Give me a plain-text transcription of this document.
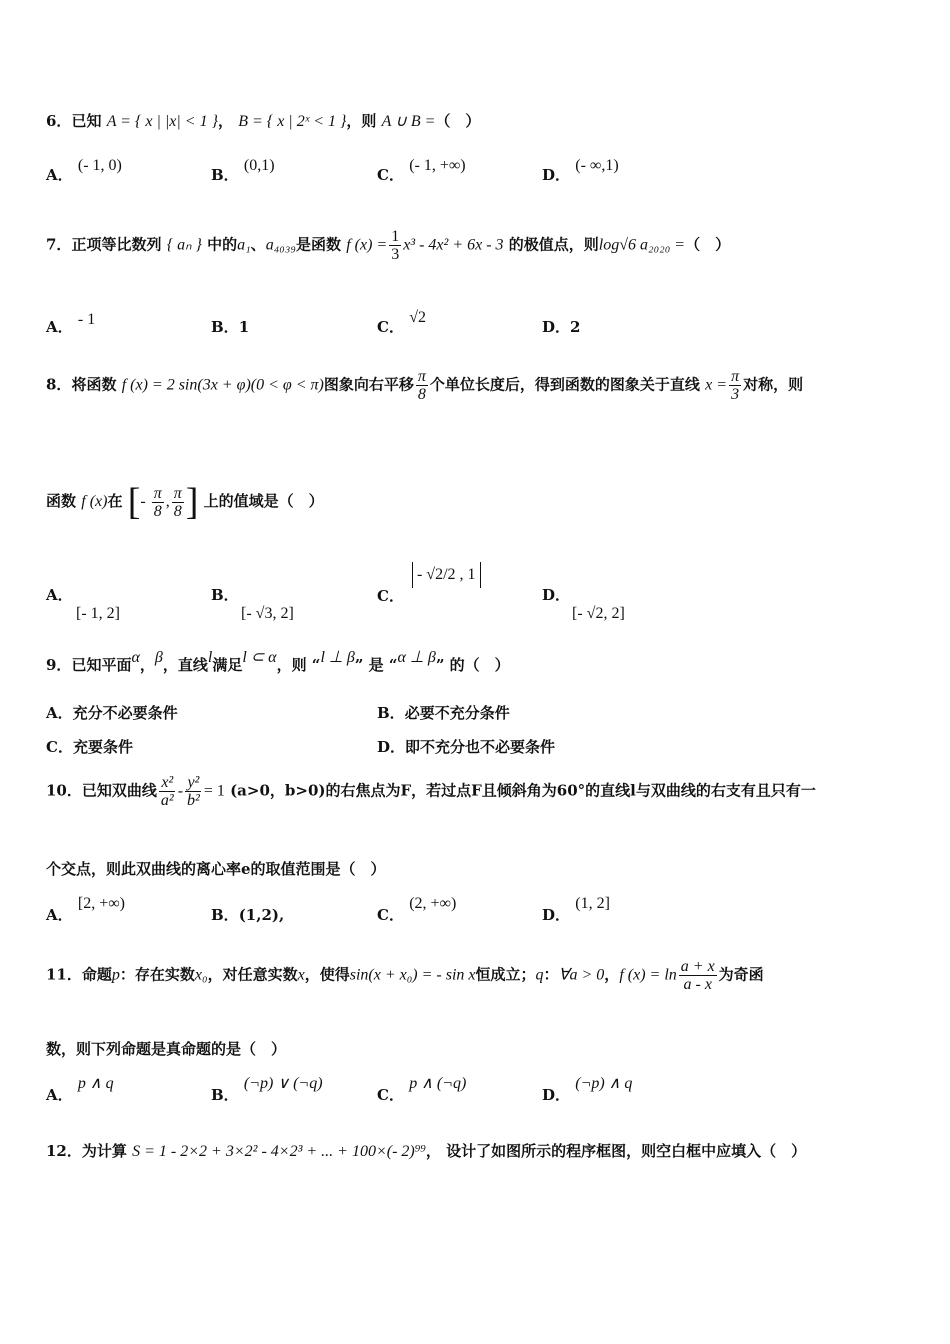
6．已知 A = { x | |x| < 1 }， B = { x | 2ˣ < 1 }，则 A ∪ B =（　）
A． (- 1, 0)
B． (0,1)
C． (- 1, +∞)
D． (- ∞,1)
7．正项等比数列 { aₙ } 中的a₁、a₄₀₃₉是函数 f $(x) = \frac{1}{3} x^3 - 4x^2 + 6x - 3$ 的极值点，则log√6 a₂₀₂₀ =（　）
A． - 1	B．1	C． √2
D．2
8．将函数 f (x) = 2 sin(3x + φ)(0 < φ < π)图象向右平移 $\frac{\pi}{8}$ 个单位长度后，得到函数的图象关于直线 $x = \frac{\pi}{3}$ 对称，则
函数 f (x)在 [- $\frac{\pi}{8}$ , $\frac{\pi}{8}$ ] 上的值域是（　）
A．
[- 1, 2]
B．
[- √3, 2]
C．- √2/2 , 1
D．
[- √2, 2]
9．已知平面α，β，直线l满足l ⊂ α，则 “l ⊥ β” 是 “α ⊥ β” 的（　）
A．充分不必要条件	B．必要不充分条件
C．充要条件	D．即不充分也不必要条件
10．已知双曲线 $\frac{\text{x²}}{\text{a²}} - \frac{\text{y²}}{\text{b²}} = 1$ (a>0，b>0)的右焦点为F，若过点F且倾斜角为60°的直线l与双曲线的右支有且只有一
个交点，则此双曲线的离心率e的取值范围是（　）
A． [2, +∞)
B．(1,2),	C． (2, +∞)
D． (1, 2]
11．命题p：存在实数x₀，对任意实数x，使得sin(x + x₀) = - sin x恒成立；q：∀a > 0，f $(x) = \ln \frac{a + x}{a - x}$ 为奇函
数，则下列命题是真命题的是（　）
A． p ∧ q
B． (¬p) ∨ (¬q)
C． p ∧ (¬q)
D． (¬p) ∧ q
12．为计算 S = 1 - 2×2 + 3×2² - 4×2³ + ... + 100×(- 2)⁹⁹， 设计了如图所示的程序框图，则空白框中应填入（　）
